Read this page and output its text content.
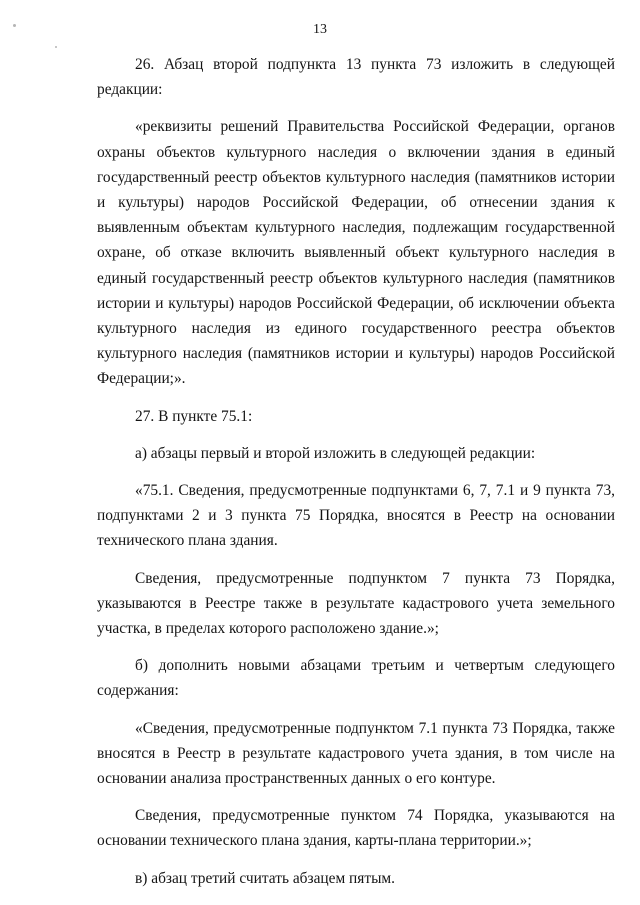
13

26. Абзац второй подпункта 13 пункта 73 изложить в следующей редакции:

«реквизиты решений Правительства Российской Федерации, органов охраны объектов культурного наследия о включении здания в единый государственный реестр объектов культурного наследия (памятников истории и культуры) народов Российской Федерации, об отнесении здания к выявленным объектам культурного наследия, подлежащим государственной охране, об отказе включить выявленный объект культурного наследия в единый государственный реестр объектов культурного наследия (памятников истории и культуры) народов Российской Федерации, об исключении объекта культурного наследия из единого государственного реестра объектов культурного наследия (памятников истории и культуры) народов Российской Федерации;».

27. В пункте 75.1:

а) абзацы первый и второй изложить в следующей редакции:

«75.1. Сведения, предусмотренные подпунктами 6, 7, 7.1 и 9 пункта 73, подпунктами 2 и 3 пункта 75 Порядка, вносятся в Реестр на основании технического плана здания.

Сведения, предусмотренные подпунктом 7 пункта 73 Порядка, указываются в Реестре также в результате кадастрового учета земельного участка, в пределах которого расположено здание.»;

б) дополнить новыми абзацами третьим и четвертым следующего содержания:

«Сведения, предусмотренные подпунктом 7.1 пункта 73 Порядка, также вносятся в Реестр в результате кадастрового учета здания, в том числе на основании анализа пространственных данных о его контуре.

Сведения, предусмотренные пунктом 74 Порядка, указываются на основании технического плана здания, карты-плана территории.»;

в) абзац третий считать абзацем пятым.
